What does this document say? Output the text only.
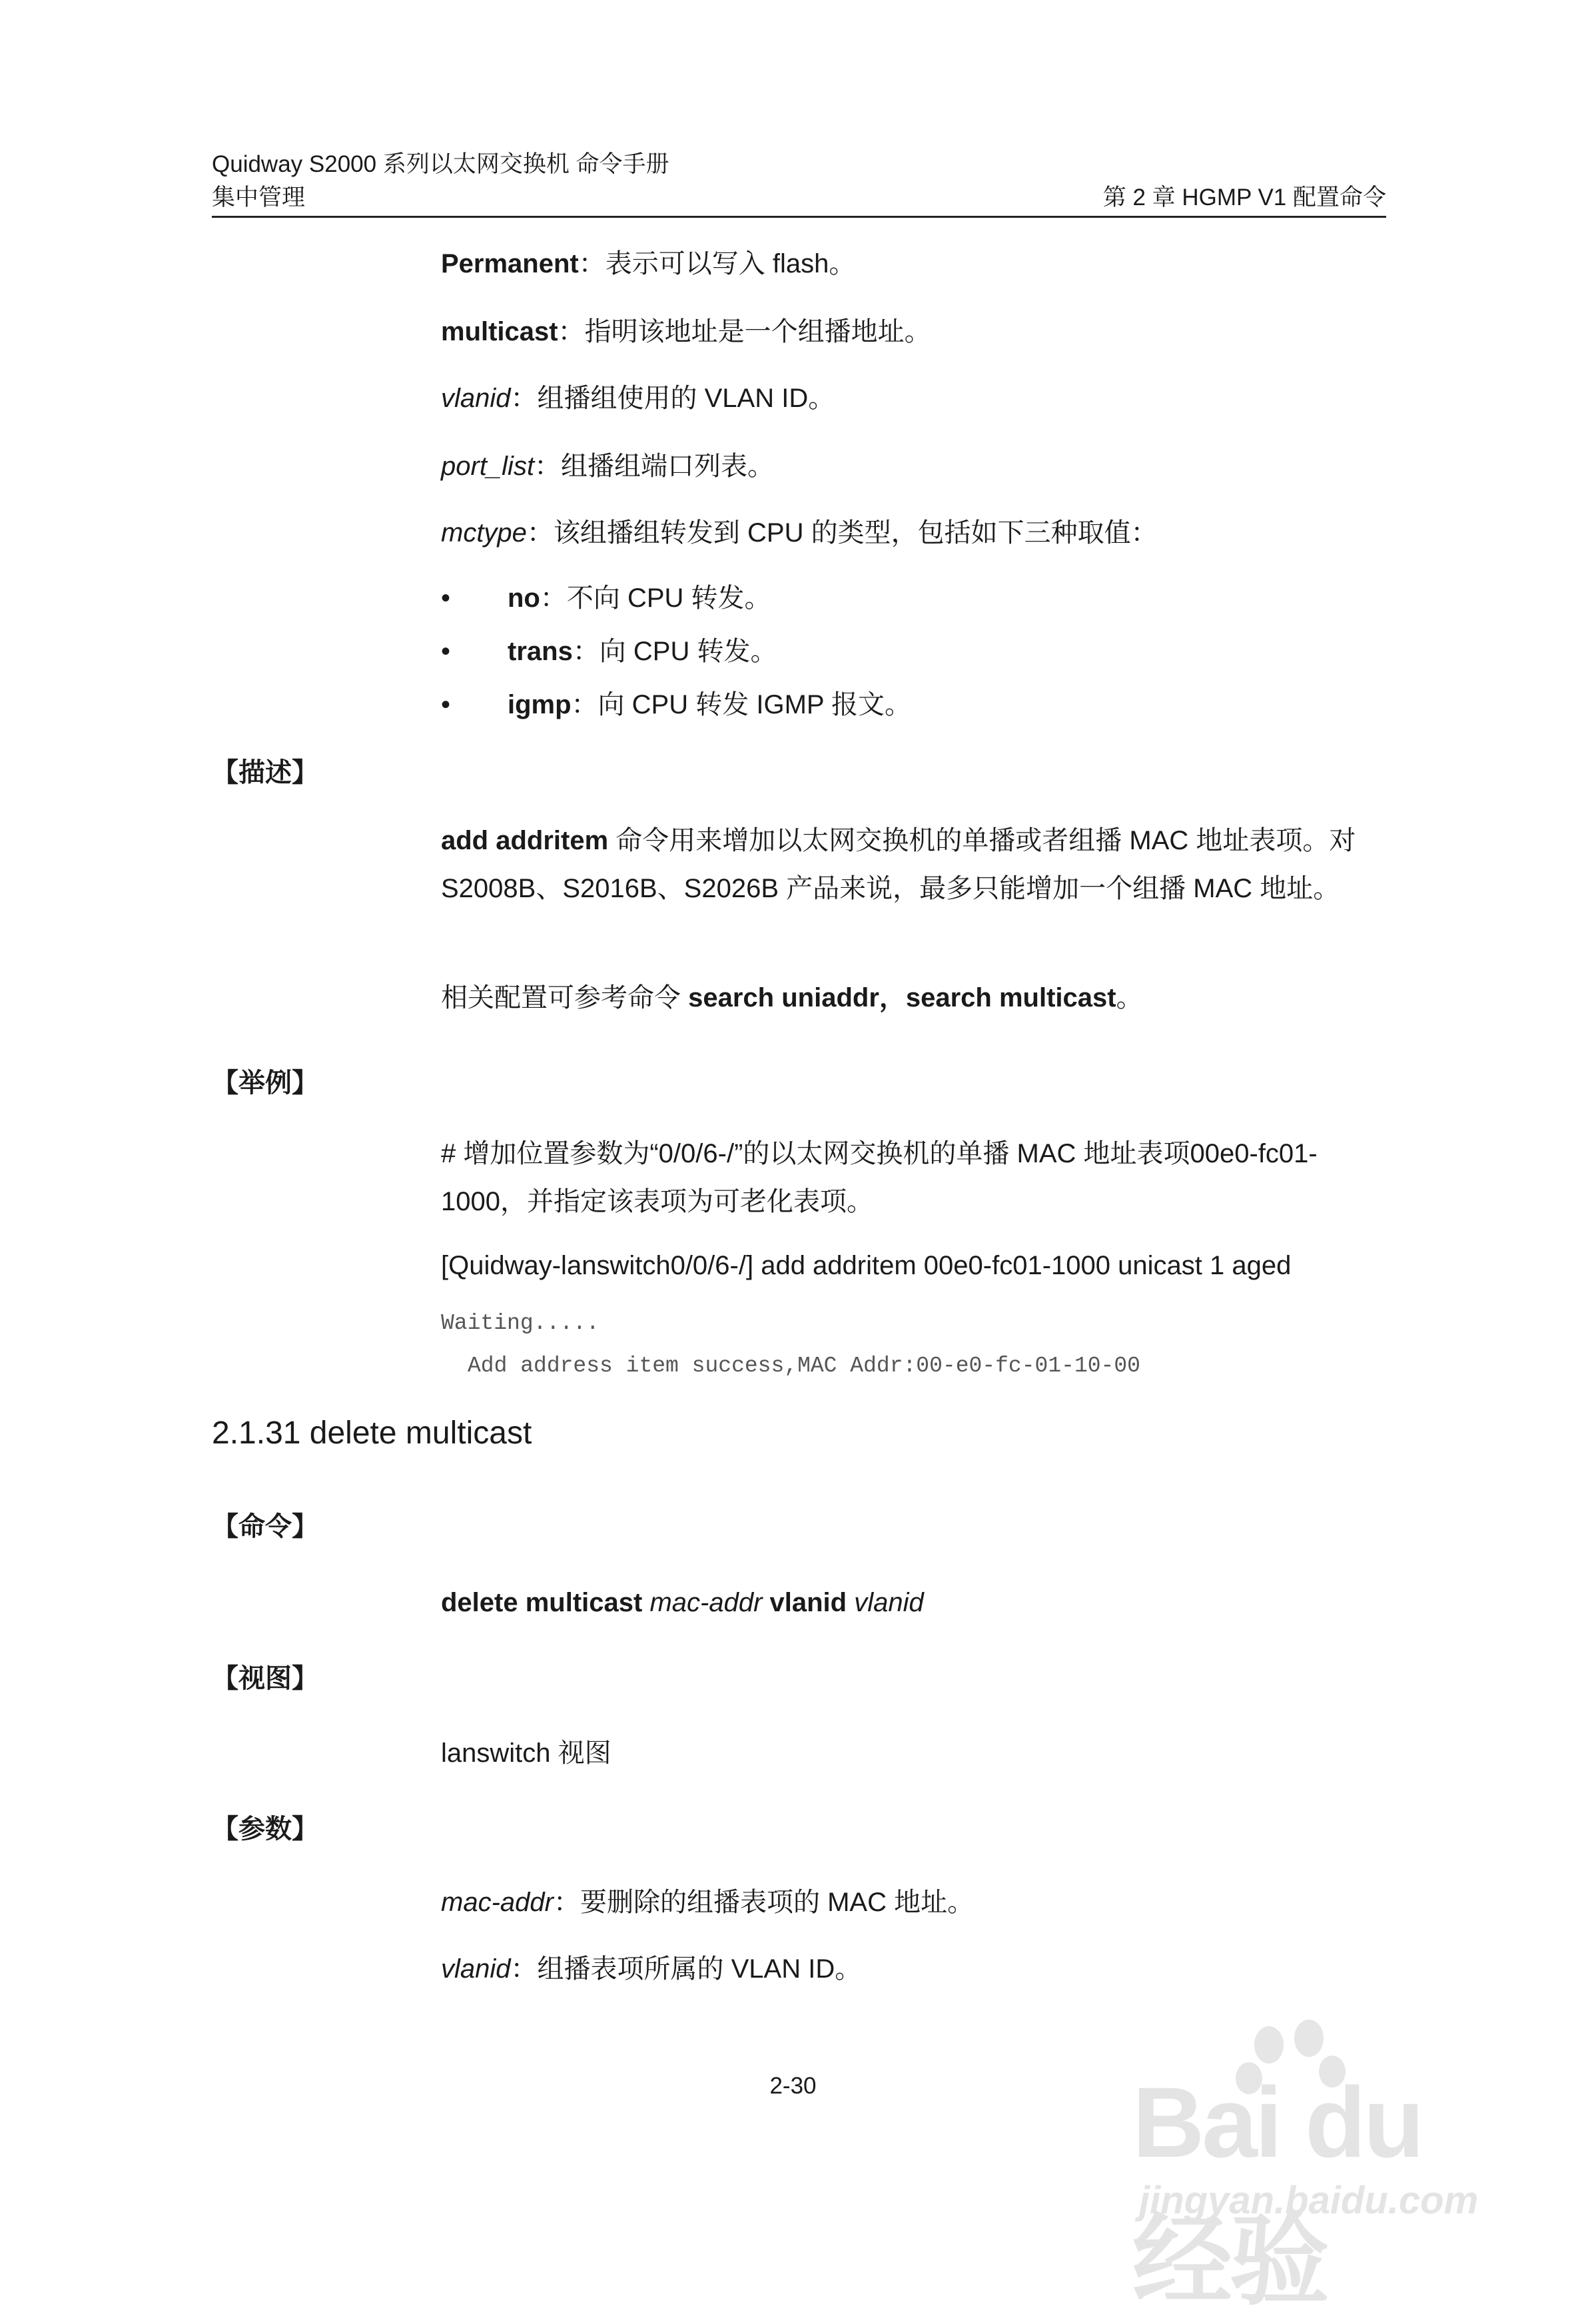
Quidway S2000 系列以太网交换机 命令手册
集中管理	第 2 章 HGMP V1 配置命令
Permanent：表示可以写入 flash。
multicast：指明该地址是一个组播地址。
vlanid：组播组使用的 VLAN ID。
port_list：组播组端口列表。
mctype：该组播组转发到 CPU 的类型，包括如下三种取值：
• no：不向 CPU 转发。
• trans：向 CPU 转发。
• igmp：向 CPU 转发 IGMP 报文。
【描述】
add addritem 命令用来增加以太网交换机的单播或者组播 MAC 地址表项。对 S2008B、S2016B、S2026B 产品来说，最多只能增加一个组播 MAC 地址。
相关配置可参考命令 search uniaddr，search multicast。
【举例】
# 增加位置参数为“0/0/6-/”的以太网交换机的单播 MAC 地址表项00e0-fc01-1000，并指定该表项为可老化表项。
[Quidway-lanswitch0/0/6-/] add addritem 00e0-fc01-1000 unicast 1 aged
Waiting.....
Add address item success,MAC Addr:00-e0-fc-01-10-00
2.1.31 delete multicast
【命令】
delete multicast mac-addr vlanid vlanid
【视图】
lanswitch 视图
【参数】
mac-addr：要删除的组播表项的 MAC 地址。
vlanid：组播表项所属的 VLAN ID。
2-30	Bai du 经验
jingyan.baidu.com
